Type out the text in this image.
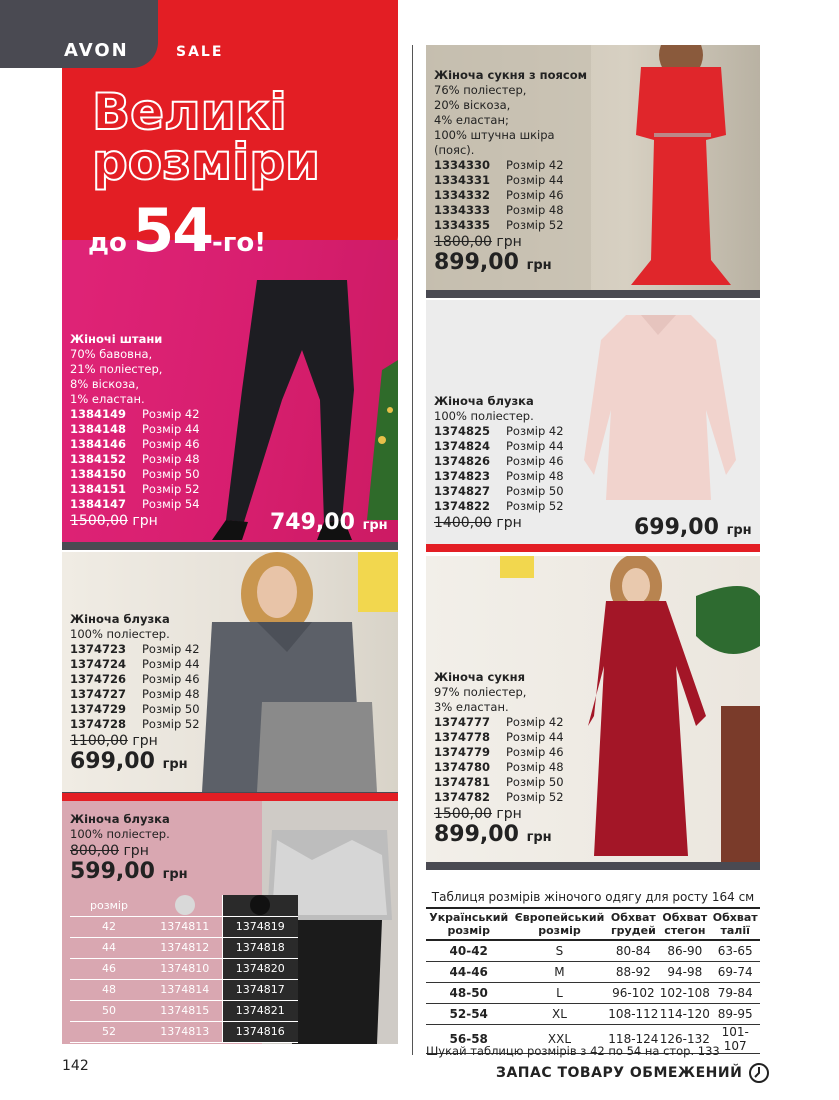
AVON	SALE
Великі
розміри
до 54-го!
Жіночі штани
70% бавовна,
21% поліестер,
8% віскоза,
1% еластан.
1384149	Розмір 42
1384148	Розмір 44
1384146	Розмір 46
1384152	Розмір 48
1384150	Розмір 50
1384151	Розмір 52
1384147	Розмір 54
1500,00 грн	749,00 грн
Жіноча блузка
100% поліестер.
1374723	Розмір 42
1374724	Розмір 44
1374726	Розмір 46
1374727	Розмір 48
1374729	Розмір 50
1374728	Розмір 52
1100,00 грн
699,00 грн
Жіноча блузка
100% поліестер.
800,00 грн
599,00 грн
розмір		
42	1374811	1374819
44	1374812	1374818
46	1374810	1374820
48	1374814	1374817
50	1374815	1374821
52	1374813	1374816
Жіноча сукня з поясом
76% поліестер,
20% віскоза,
4% еластан;
100% штучна шкіра
(пояс).
1334330	Розмір 42
1334331	Розмір 44
1334332	Розмір 46
1334333	Розмір 48
1334335	Розмір 52
1800,00 грн
899,00 грн
Жіноча блузка
100% поліестер.
1374825	Розмір 42
1374824	Розмір 44
1374826	Розмір 46
1374823	Розмір 48
1374827	Розмір 50
1374822	Розмір 52
1400,00 грн	699,00 грн
Жіноча сукня
97% поліестер,
3% еластан.
1374777	Розмір 42
1374778	Розмір 44
1374779	Розмір 46
1374780	Розмір 48
1374781	Розмір 50
1374782	Розмір 52
1500,00 грн
899,00 грн
Таблиця розмірів жіночого одягу для росту 164 см
Український розмір	Європейський розмір	Обхват грудей	Обхват стегон	Обхват талії
40-42	S	80-84	86-90	63-65
44-46	M	88-92	94-98	69-74
48-50	L	96-102	102-108	79-84
52-54	XL	108-112	114-120	89-95
56-58	XXL	118-124	126-132	101-107
Шукай таблицю розмірів з 42 по 54 на стор. 133
ЗАПАС ТОВАРУ ОБМЕЖЕНИЙ
142
